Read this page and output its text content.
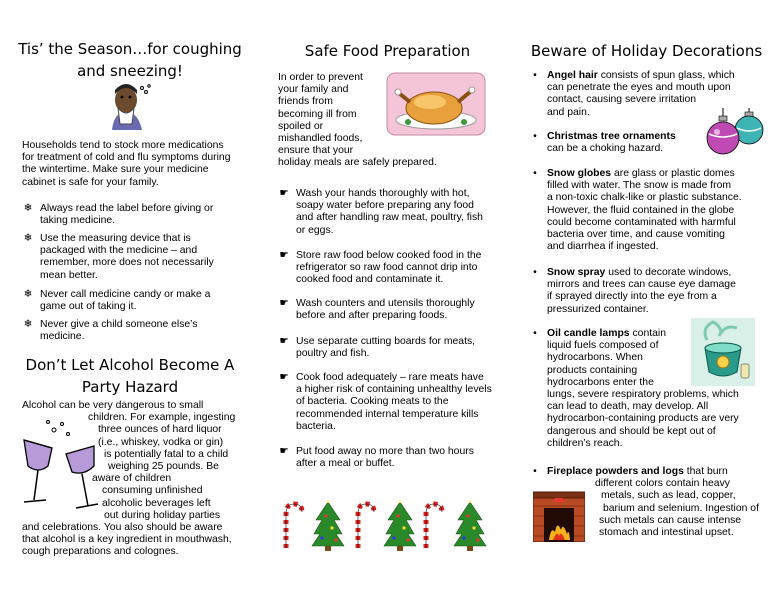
Tis’ the Season…for coughing
and sneezing!
Households tend to stock more medications
for treatment of cold and flu symptoms during
the wintertime. Make sure your medicine
cabinet is safe for your family.
❄ Always read the label before giving or
taking medicine.
❄ Use the measuring device that is
packaged with the medicine – and
remember, more does not necessarily
mean better.
❄ Never call medicine candy or make a
game out of taking it.
❄ Never give a child someone else’s
medicine.
Don’t Let Alcohol Become A
Party Hazard
Alcohol can be very dangerous to small
children. For example, ingesting
three ounces of hard liquor
(i.e., whiskey, vodka or gin)
is potentially fatal to a child
weighing 25 pounds. Be
aware of children
consuming unfinished
alcoholic beverages left
out during holiday parties
and celebrations. You also should be aware
that alcohol is a key ingredient in mouthwash,
cough preparations and colognes.
Safe Food Preparation
In order to prevent
your family and
friends from
becoming ill from
spoiled or
mishandled foods,
ensure that your
holiday meals are safely prepared.
☛ Wash your hands thoroughly with hot,
soapy water before preparing any food
and after handling raw meat, poultry, fish
or eggs.
☛ Store raw food below cooked food in the
refrigerator so raw food cannot drip into
cooked food and contaminate it.
☛ Wash counters and utensils thoroughly
before and after preparing foods.
☛ Use separate cutting boards for meats,
poultry and fish.
☛ Cook food adequately – rare meats have
a higher risk of containing unhealthy levels
of bacteria. Cooking meats to the
recommended internal temperature kills
bacteria.
☛ Put food away no more than two hours
after a meal or buffet.
Beware of Holiday Decorations
• Angel hair consists of spun glass, which
can penetrate the eyes and mouth upon
contact, causing severe irritation
and pain.
• Christmas tree ornaments
can be a choking hazard.
• Snow globes are glass or plastic domes
filled with water. The snow is made from
a non-toxic chalk-like or plastic substance.
However, the fluid contained in the globe
could become contaminated with harmful
bacteria over time, and cause vomiting
and diarrhea if ingested.
• Snow spray used to decorate windows,
mirrors and trees can cause eye damage
if sprayed directly into the eye from a
pressurized container.
• Oil candle lamps contain
liquid fuels composed of
hydrocarbons. When
products containing
hydrocarbons enter the
lungs, severe respiratory problems, which
can lead to death, may develop. All
hydrocarbon-containing products are very
dangerous and should be kept out of
children’s reach.
• Fireplace powders and logs that burn
different colors contain heavy
metals, such as lead, copper,
barium and selenium. Ingestion of
such metals can cause intense
stomach and intestinal upset.
